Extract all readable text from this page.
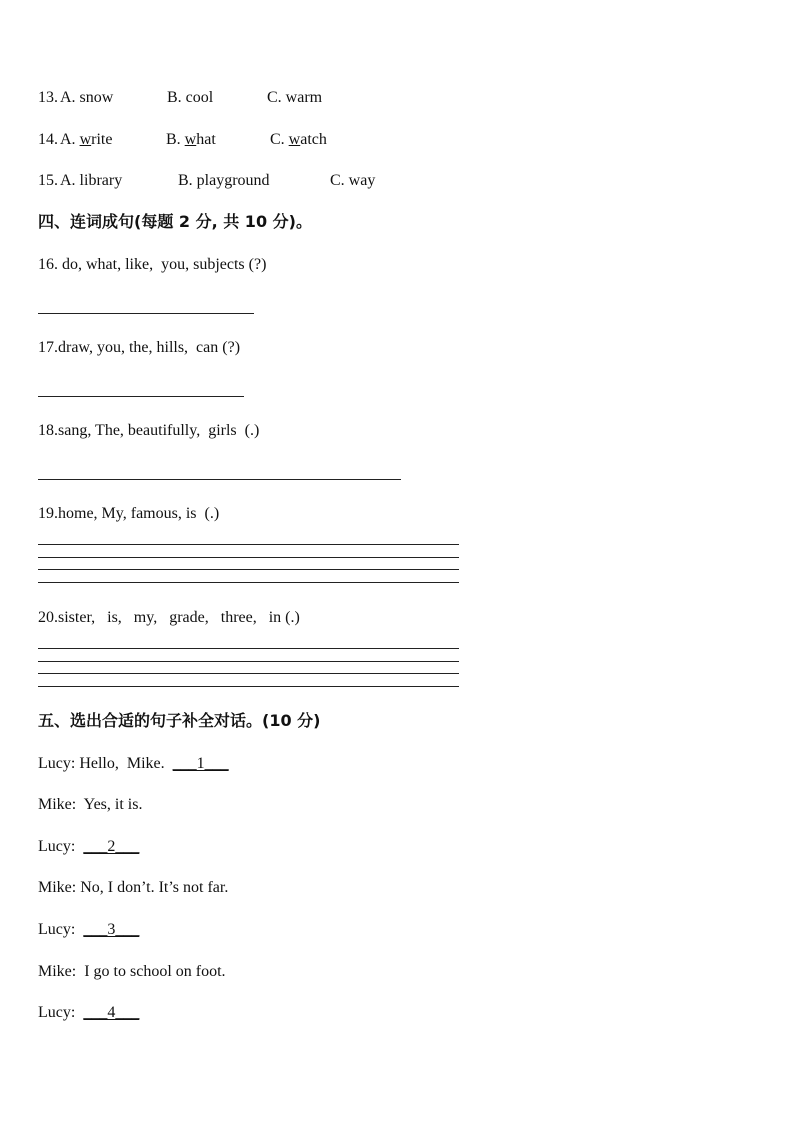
13. A. snow	B. cool	C. warm
14. A. write	B. what	C. watch
15. A. library	B. playground	C. way
四、连词成句(每题 2 分, 共 10 分)。
16. do, what, like,  you, subjects (?)
17.draw, you, the, hills,  can (?)
18.sang, The, beautifully,  girls  (.)
19.home, My, famous, is  (.)
20.sister,   is,   my,   grade,   three,   in (.)
五、选出合适的句子补全对话。(10 分)
Lucy: Hello,  Mike.  ___1___
Mike:  Yes, it is.
Lucy: ___2___
Mike: No, I don’t. It’s not far.
Lucy: ___3___
Mike:  I go to school on foot.
Lucy: ___4___
